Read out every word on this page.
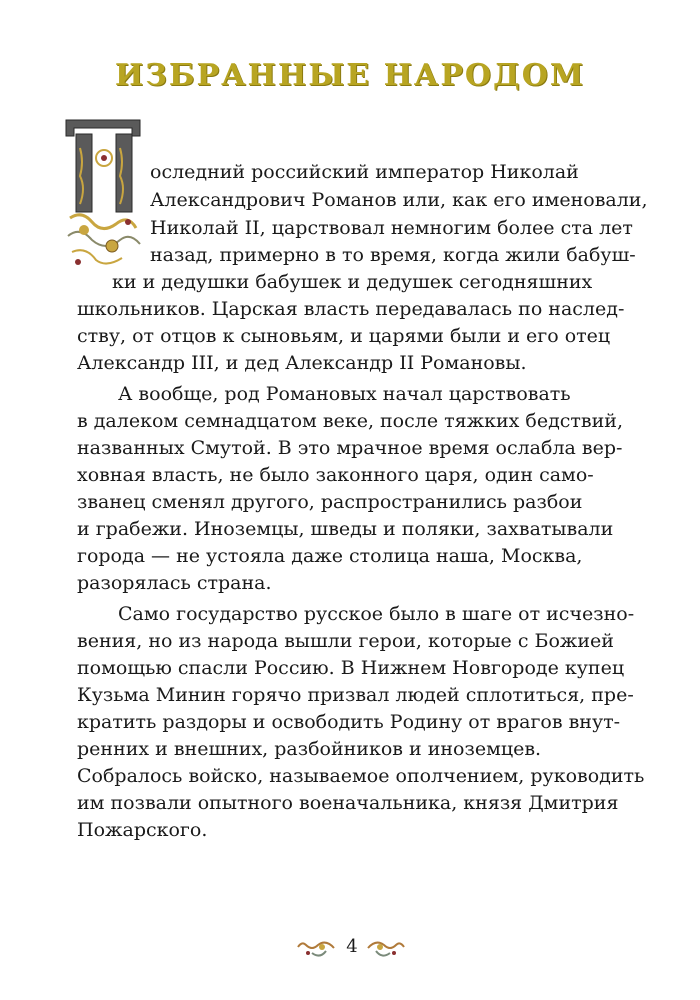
ИЗБРАННЫЕ НАРОДОМ
П оследний российский император Николай
Александрович Романов или, как его именовали,
Николай II, царствовал немногим более ста лет
назад, примерно в то время, когда жили бабуш-
ки и дедушки бабушек и дедушек сегодняшних
школьников. Царская власть передавалась по наслед-
ству, от отцов к сыновьям, и царями были и его отец
Александр III, и дед Александр II Романовы.
А вообще, род Романовых начал царствовать
в далеком семнадцатом веке, после тяжких бедствий,
названных Смутой. В это мрачное время ослабла вер-
ховная власть, не было законного царя, один само-
званец сменял другого, распространились разбои
и грабежи. Иноземцы, шведы и поляки, захватывали
города — не устояла даже столица наша, Москва,
разорялась страна.
Само государство русское было в шаге от исчезно-
вения, но из народа вышли герои, которые с Божией
помощью спасли Россию. В Нижнем Новгороде купец
Кузьма Минин горячо призвал людей сплотиться, пре-
кратить раздоры и освободить Родину от врагов внут-
ренних и внешних, разбойников и иноземцев.
Собралось войско, называемое ополчением, руководить
им позвали опытного военачальника, князя Дмитрия
Пожарского.
4
